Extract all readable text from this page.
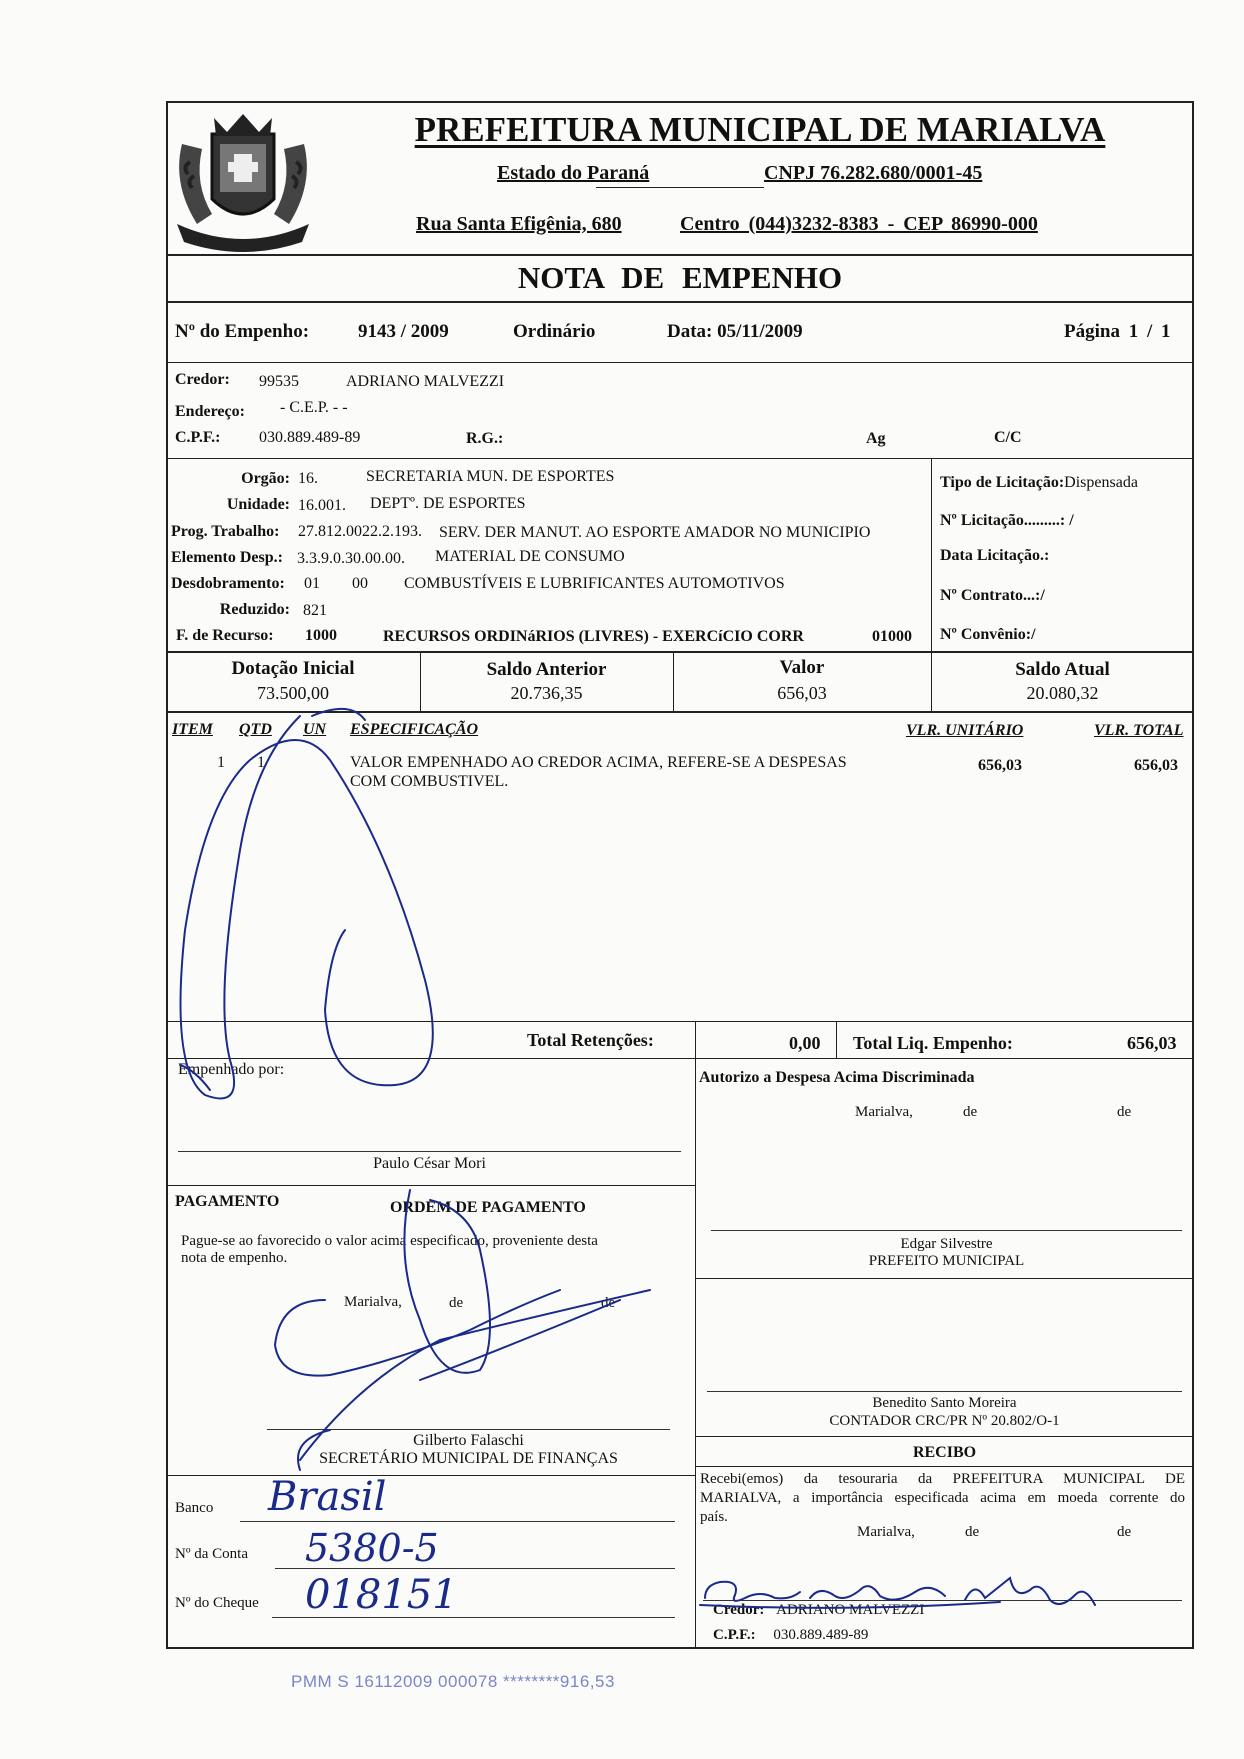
PREFEITURA MUNICIPAL DE MARIALVA
Estado do Paraná	CNPJ 76.282.680/0001-45
Rua Santa Efigênia, 680	Centro (044)3232-8383 - CEP 86990-000
NOTA DE EMPENHO
Nº do Empenho:	9143 / 2009	Ordinário	Data: 05/11/2009	Página 1 / 1
Credor: 99535	ADRIANO MALVEZZI
Endereço: - C.E.P. - -
C.P.F.: 030.889.489-89	R.G.:	Ag	C/C
Orgão: 16.	SECRETARIA MUN. DE ESPORTES
Unidade: 16.001. DEPTº. DE ESPORTES
Prog. Trabalho: 27.812.0022.2.193. SERV. DER MANUT. AO ESPORTE AMADOR NO MUNICIPIO
Elemento Desp.: 3.3.9.0.30.00.00. MATERIAL DE CONSUMO
Desdobramento: 01 00 COMBUSTÍVEIS E LUBRIFICANTES AUTOMOTIVOS
Reduzido: 821
F. de Recurso: 1000	RECURSOS ORDINáRIOS (LIVRES) - EXERCíCIO CORR	01000
Tipo de Licitação:Dispensada
Nº Licitação.........: /
Data Licitação.:
Nº Contrato...:/
Nº Convênio:/
Dotação Inicial
73.500,00
Saldo Anterior
20.736,35
Valor
656,03
Saldo Atual
20.080,32
ITEM QTD UN ESPECIFICAÇÃO	VLR. UNITÁRIO	VLR. TOTAL
1 1	VALOR EMPENHADO AO CREDOR ACIMA, REFERE-SE A DESPESAS
COM COMBUSTIVEL.
656,03	656,03
Total Retenções:	0,00 Total Liq. Empenho:	656,03
Empenhado por:
Paulo César Mori
PAGAMENTO	ORDEM DE PAGAMENTO
Pague-se ao favorecido o valor acima especificado, proveniente desta
nota de empenho.
Marialva,	de	de
Gilberto Falaschi
SECRETÁRIO MUNICIPAL DE FINANÇAS
Banco Brasil
Nº da Conta 5380-5
Nº do Cheque 018151
Autorizo a Despesa Acima Discriminada
Marialva,	de	de
Edgar Silvestre
PREFEITO MUNICIPAL
Benedito Santo Moreira
CONTADOR CRC/PR Nº 20.802/O-1
RECIBO
Recebi(emos) da tesouraria da PREFEITURA MUNICIPAL DE
MARIALVA, a importância especificada acima em moeda corrente do
país.
Marialva,	de	de
Credor: ADRIANO MALVEZZI
C.P.F.: 030.889.489-89
PMM S 16112009 000078 ********916,53
